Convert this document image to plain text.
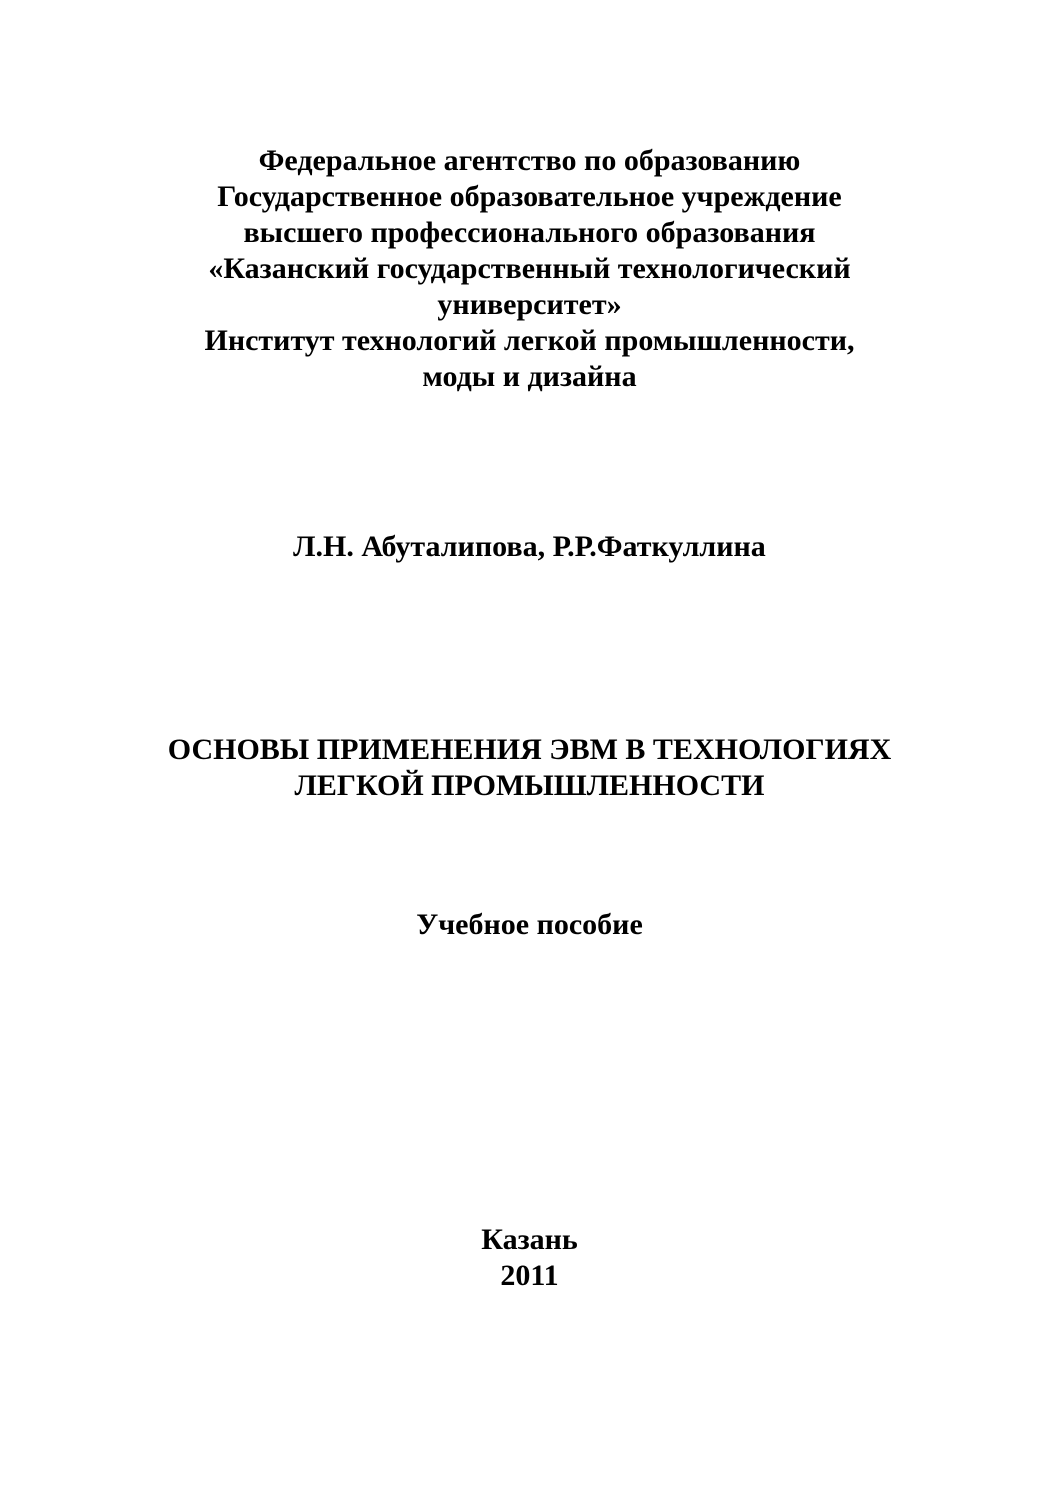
Федеральное агентство по образованию
Государственное образовательное учреждение
высшего профессионального образования
«Казанский государственный технологический
университет»
Институт технологий легкой промышленности,
моды и дизайна
Л.Н. Абуталипова, Р.Р.Фаткуллина
ОСНОВЫ ПРИМЕНЕНИЯ ЭВМ В ТЕХНОЛОГИЯХ
ЛЕГКОЙ ПРОМЫШЛЕННОСТИ
Учебное пособие
Казань
2011
